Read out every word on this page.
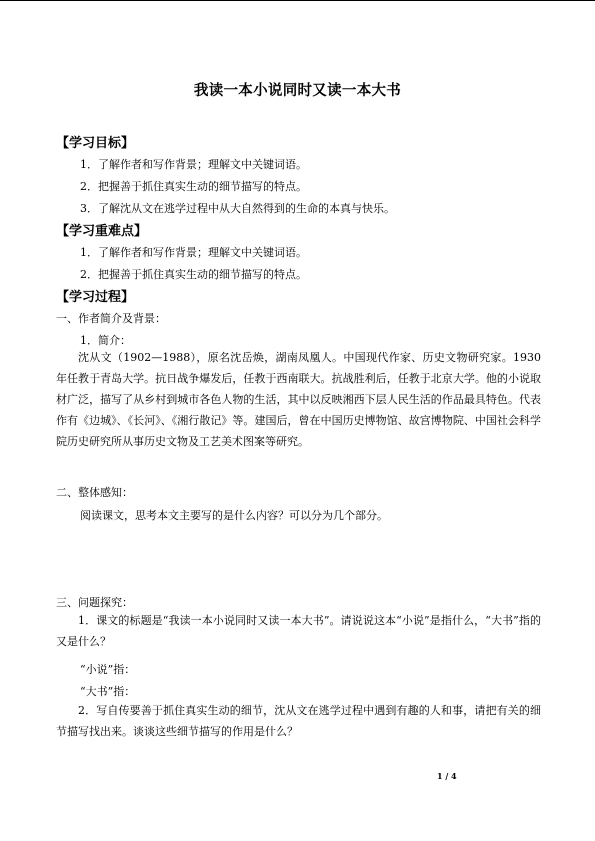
我读一本小说同时又读一本大书
【学习目标】
1．了解作者和写作背景；理解文中关键词语。
2．把握善于抓住真实生动的细节描写的特点。
3．了解沈从文在逃学过程中从大自然得到的生命的本真与快乐。
【学习重难点】
1．了解作者和写作背景；理解文中关键词语。
2．把握善于抓住真实生动的细节描写的特点。
【学习过程】
一、作者简介及背景：
1．简介：
沈从文（1902—1988），原名沈岳焕，湖南凤凰人。中国现代作家、历史文物研究家。1930年任教于青岛大学。抗日战争爆发后，任教于西南联大。抗战胜利后，任教于北京大学。他的小说取材广泛，描写了从乡村到城市各色人物的生活，其中以反映湘西下层人民生活的作品最具特色。代表作有《边城》、《长河》、《湘行散记》等。建国后，曾在中国历史博物馆、故宫博物院、中国社会科学院历史研究所从事历史文物及工艺美术图案等研究。
二、整体感知：
阅读课文，思考本文主要写的是什么内容？可以分为几个部分。
三、问题探究：
1．课文的标题是“我读一本小说同时又读一本大书”。请说说这本“小说”是指什么，“大书”指的又是什么？
“小说”指：
“大书”指：
2．写自传要善于抓住真实生动的细节，沈从文在逃学过程中遇到有趣的人和事，请把有关的细节描写找出来。谈谈这些细节描写的作用是什么？
1 / 4
